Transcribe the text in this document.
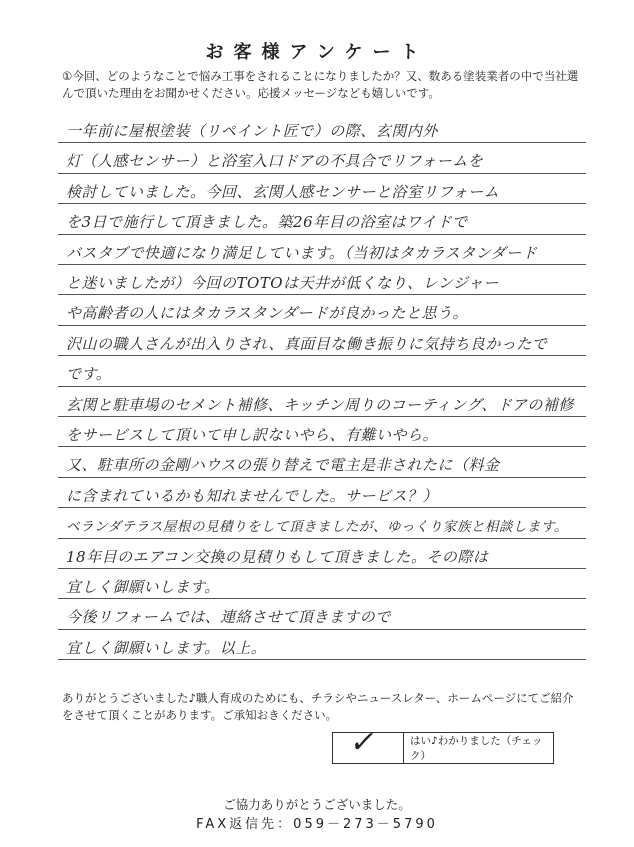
お客様アンケート
①今回、どのようなことで悩み工事をされることになりましたか？又、数ある塗装業者の中で当社選んで頂いた理由をお聞かせください。応援メッセージなども嬉しいです。
一年前に屋根塗装（リペイント匠で）の際、玄関内外
灯（人感センサー）と浴室入口ドアの不具合でリフォームを
検討していました。今回、玄関人感センサーと浴室リフォーム
を3日で施行して頂きました。築26年目の浴室はワイドで
バスタブで快適になり満足しています。（当初はタカラスタンダード
と迷いましたが）今回のTOTOは天井が低くなり、レンジャー
や高齢者の人にはタカラスタンダードが良かったと思う。
沢山の職人さんが出入りされ、真面目な働き振りに気持ち良かったで
です。
玄関と駐車場のセメント補修、キッチン周りのコーティング、ドアの補修
をサービスして頂いて申し訳ないやら、有難いやら。
又、駐車所の金剛ハウスの張り替えで電主是非されたに（料金
に含まれているかも知れませんでした。サービス？）
ベランダテラス屋根の見積りをして頂きましたが、ゆっくり家族と相談します。
18年目のエアコン交換の見積りもして頂きました。その際は
宜しく御願いします。
今後リフォームでは、連絡させて頂きますので
宜しく御願いします。以上。
ありがとうございました♪職人育成のためにも、チラシやニュースレター、ホームページにてご紹介をさせて頂くことがあります。ご承知おきください。
✓	はい♪わかりました（チェック）
ご協力ありがとうございました。
FAX返信先：059－273－5790
